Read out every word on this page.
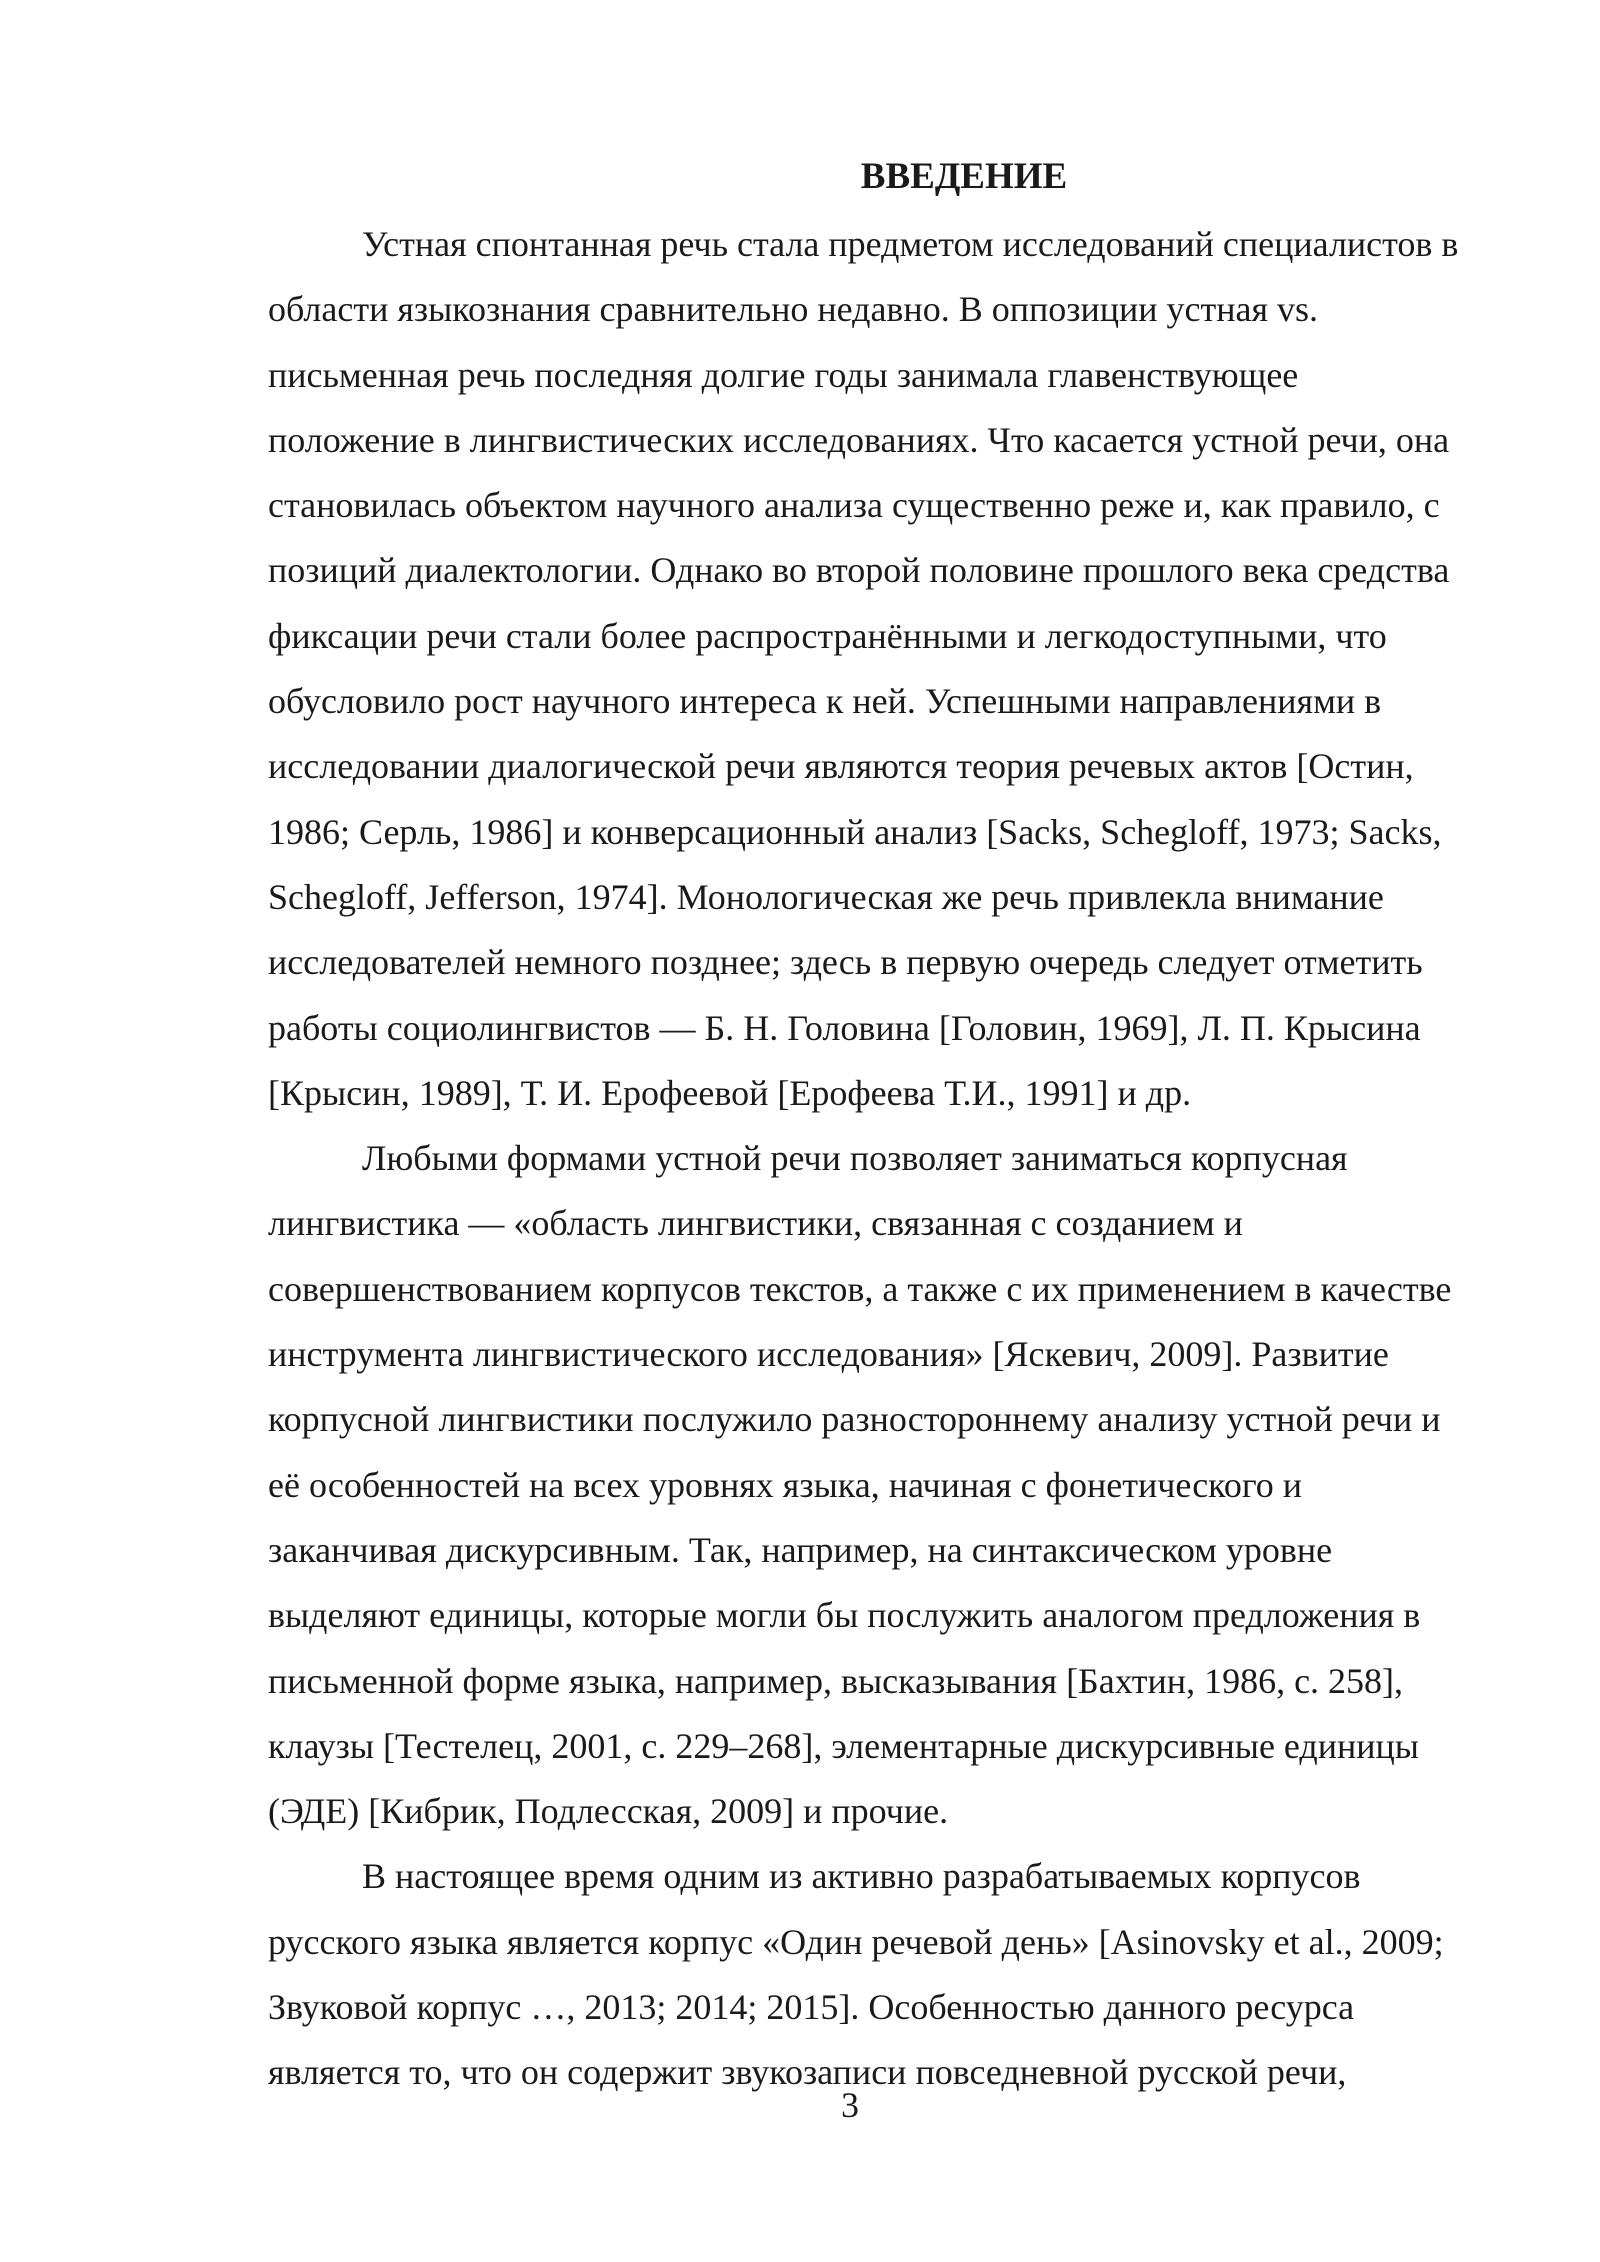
ВВЕДЕНИЕ

Устная спонтанная речь стала предметом исследований специалистов в
области языкознания сравнительно недавно. В оппозиции устная vs.
письменная речь последняя долгие годы занимала главенствующее
положение в лингвистических исследованиях. Что касается устной речи, она
становилась объектом научного анализа существенно реже и, как правило, с
позиций диалектологии. Однако во второй половине прошлого века средства
фиксации речи стали более распространёнными и легкодоступными, что
обусловило рост научного интереса к ней. Успешными направлениями в
исследовании диалогической речи являются теория речевых актов [Остин,
1986; Серль, 1986] и конверсационный анализ [Sacks, Schegloff, 1973; Sacks,
Schegloff, Jefferson, 1974]. Монологическая же речь привлекла внимание
исследователей немного позднее; здесь в первую очередь следует отметить
работы социолингвистов — Б. Н. Головина [Головин, 1969], Л. П. Крысина
[Крысин, 1989], Т. И. Ерофеевой [Ерофеева Т.И., 1991] и др.

Любыми формами устной речи позволяет заниматься корпусная
лингвистика — «область лингвистики, связанная с созданием и
совершенствованием корпусов текстов, а также с их применением в качестве
инструмента лингвистического исследования» [Яскевич, 2009]. Развитие
корпусной лингвистики послужило разностороннему анализу устной речи и
её особенностей на всех уровнях языка, начиная с фонетического и
заканчивая дискурсивным. Так, например, на синтаксическом уровне
выделяют единицы, которые могли бы послужить аналогом предложения в
письменной форме языка, например, высказывания [Бахтин, 1986, с. 258],
клаузы [Тестелец, 2001, с. 229–268], элементарные дискурсивные единицы
(ЭДЕ) [Кибрик, Подлесская, 2009] и прочие.

В настоящее время одним из активно разрабатываемых корпусов
русского языка является корпус «Один речевой день» [Asinovsky et al., 2009;
Звуковой корпус …, 2013; 2014; 2015]. Особенностью данного ресурса
является то, что он содержит звукозаписи повседневной русской речи,

3
